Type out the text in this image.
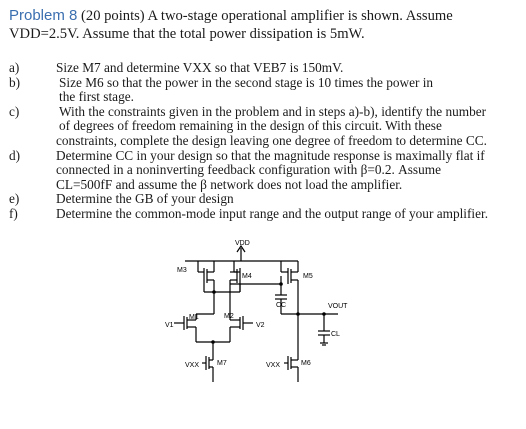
Problem 8 (20 points) A two-stage operational amplifier is shown. Assume
VDD=2.5V. Assume that the total power dissipation is 5mW.
a)	Size M7 and determine VXX so that VEB7 is 150mV.
b)	Size M6 so that the power in the second stage is 10 times the power in
the first stage.
c)	With the constraints given in the problem and in steps a)-b), identify the number
of degrees of freedom remaining in the design of this circuit. With these
constraints, complete the design leaving one degree of freedom to determine CC.
d)	Determine CC in your design so that the magnitude response is maximally flat if
connected in a noninverting feedback configuration with β=0.2. Assume
CL=500fF and assume the β network does not load the amplifier.
e)	Determine the GB of your design
f)	Determine the common-mode input range and the output range of your amplifier.
VDD
M3
M4	M5
CC
M1	M2
V1	V2
VOUT
CL
VXX	M7	VXX	M6
